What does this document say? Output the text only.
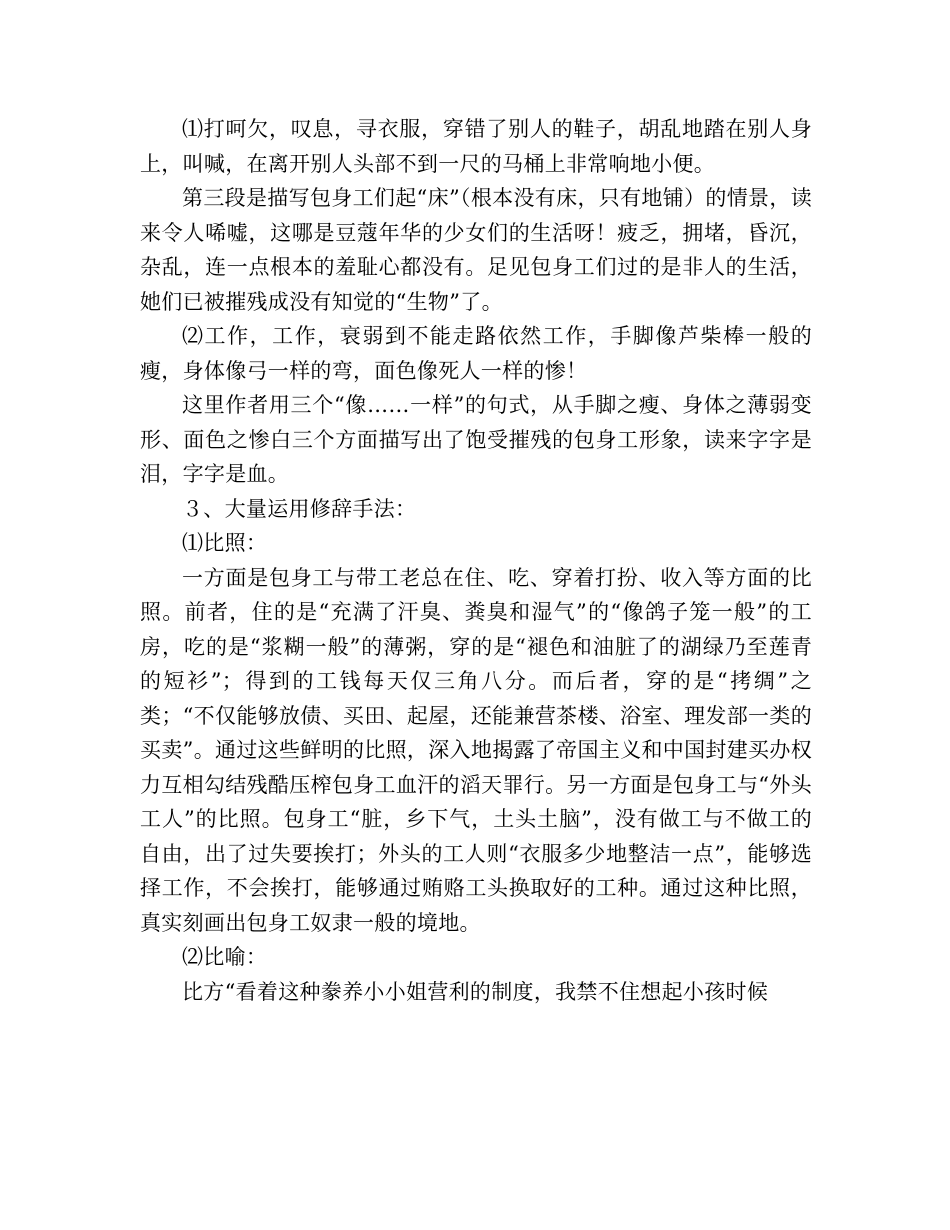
⑴打呵欠，叹息，寻衣服，穿错了别人的鞋子，胡乱地踏在别人身上，叫喊，在离开别人头部不到一尺的马桶上非常响地小便。

第三段是描写包身工们起“床”（根本没有床，只有地铺）的情景，读来令人唏嘘，这哪是豆蔻年华的少女们的生活呀！疲乏，拥堵，昏沉，杂乱，连一点根本的羞耻心都没有。足见包身工们过的是非人的生活，她们已被摧残成没有知觉的“生物”了。

⑵工作，工作，衰弱到不能走路依然工作，手脚像芦柴棒一般的瘦，身体像弓一样的弯，面色像死人一样的惨！

这里作者用三个“像……一样”的句式，从手脚之瘦、身体之薄弱变形、面色之惨白三个方面描写出了饱受摧残的包身工形象，读来字字是泪，字字是血。

３、大量运用修辞手法：

⑴比照：

一方面是包身工与带工老总在住、吃、穿着打扮、收入等方面的比照。前者，住的是“充满了汗臭、粪臭和湿气”的“像鸽子笼一般”的工房，吃的是“浆糊一般”的薄粥，穿的是“褪色和油脏了的湖绿乃至莲青的短衫”；得到的工钱每天仅三角八分。而后者，穿的是“拷绸”之类；“不仅能够放债、买田、起屋，还能兼营茶楼、浴室、理发部一类的买卖”。通过这些鲜明的比照，深入地揭露了帝国主义和中国封建买办权力互相勾结残酷压榨包身工血汗的滔天罪行。另一方面是包身工与“外头工人”的比照。包身工“脏，乡下气，土头土脑”，没有做工与不做工的自由，出了过失要挨打；外头的工人则“衣服多少地整洁一点”，能够选择工作，不会挨打，能够通过贿赂工头换取好的工种。通过这种比照，真实刻画出包身工奴隶一般的境地。

⑵比喻：

比方“看着这种豢养小小姐营利的制度，我禁不住想起小孩时候
